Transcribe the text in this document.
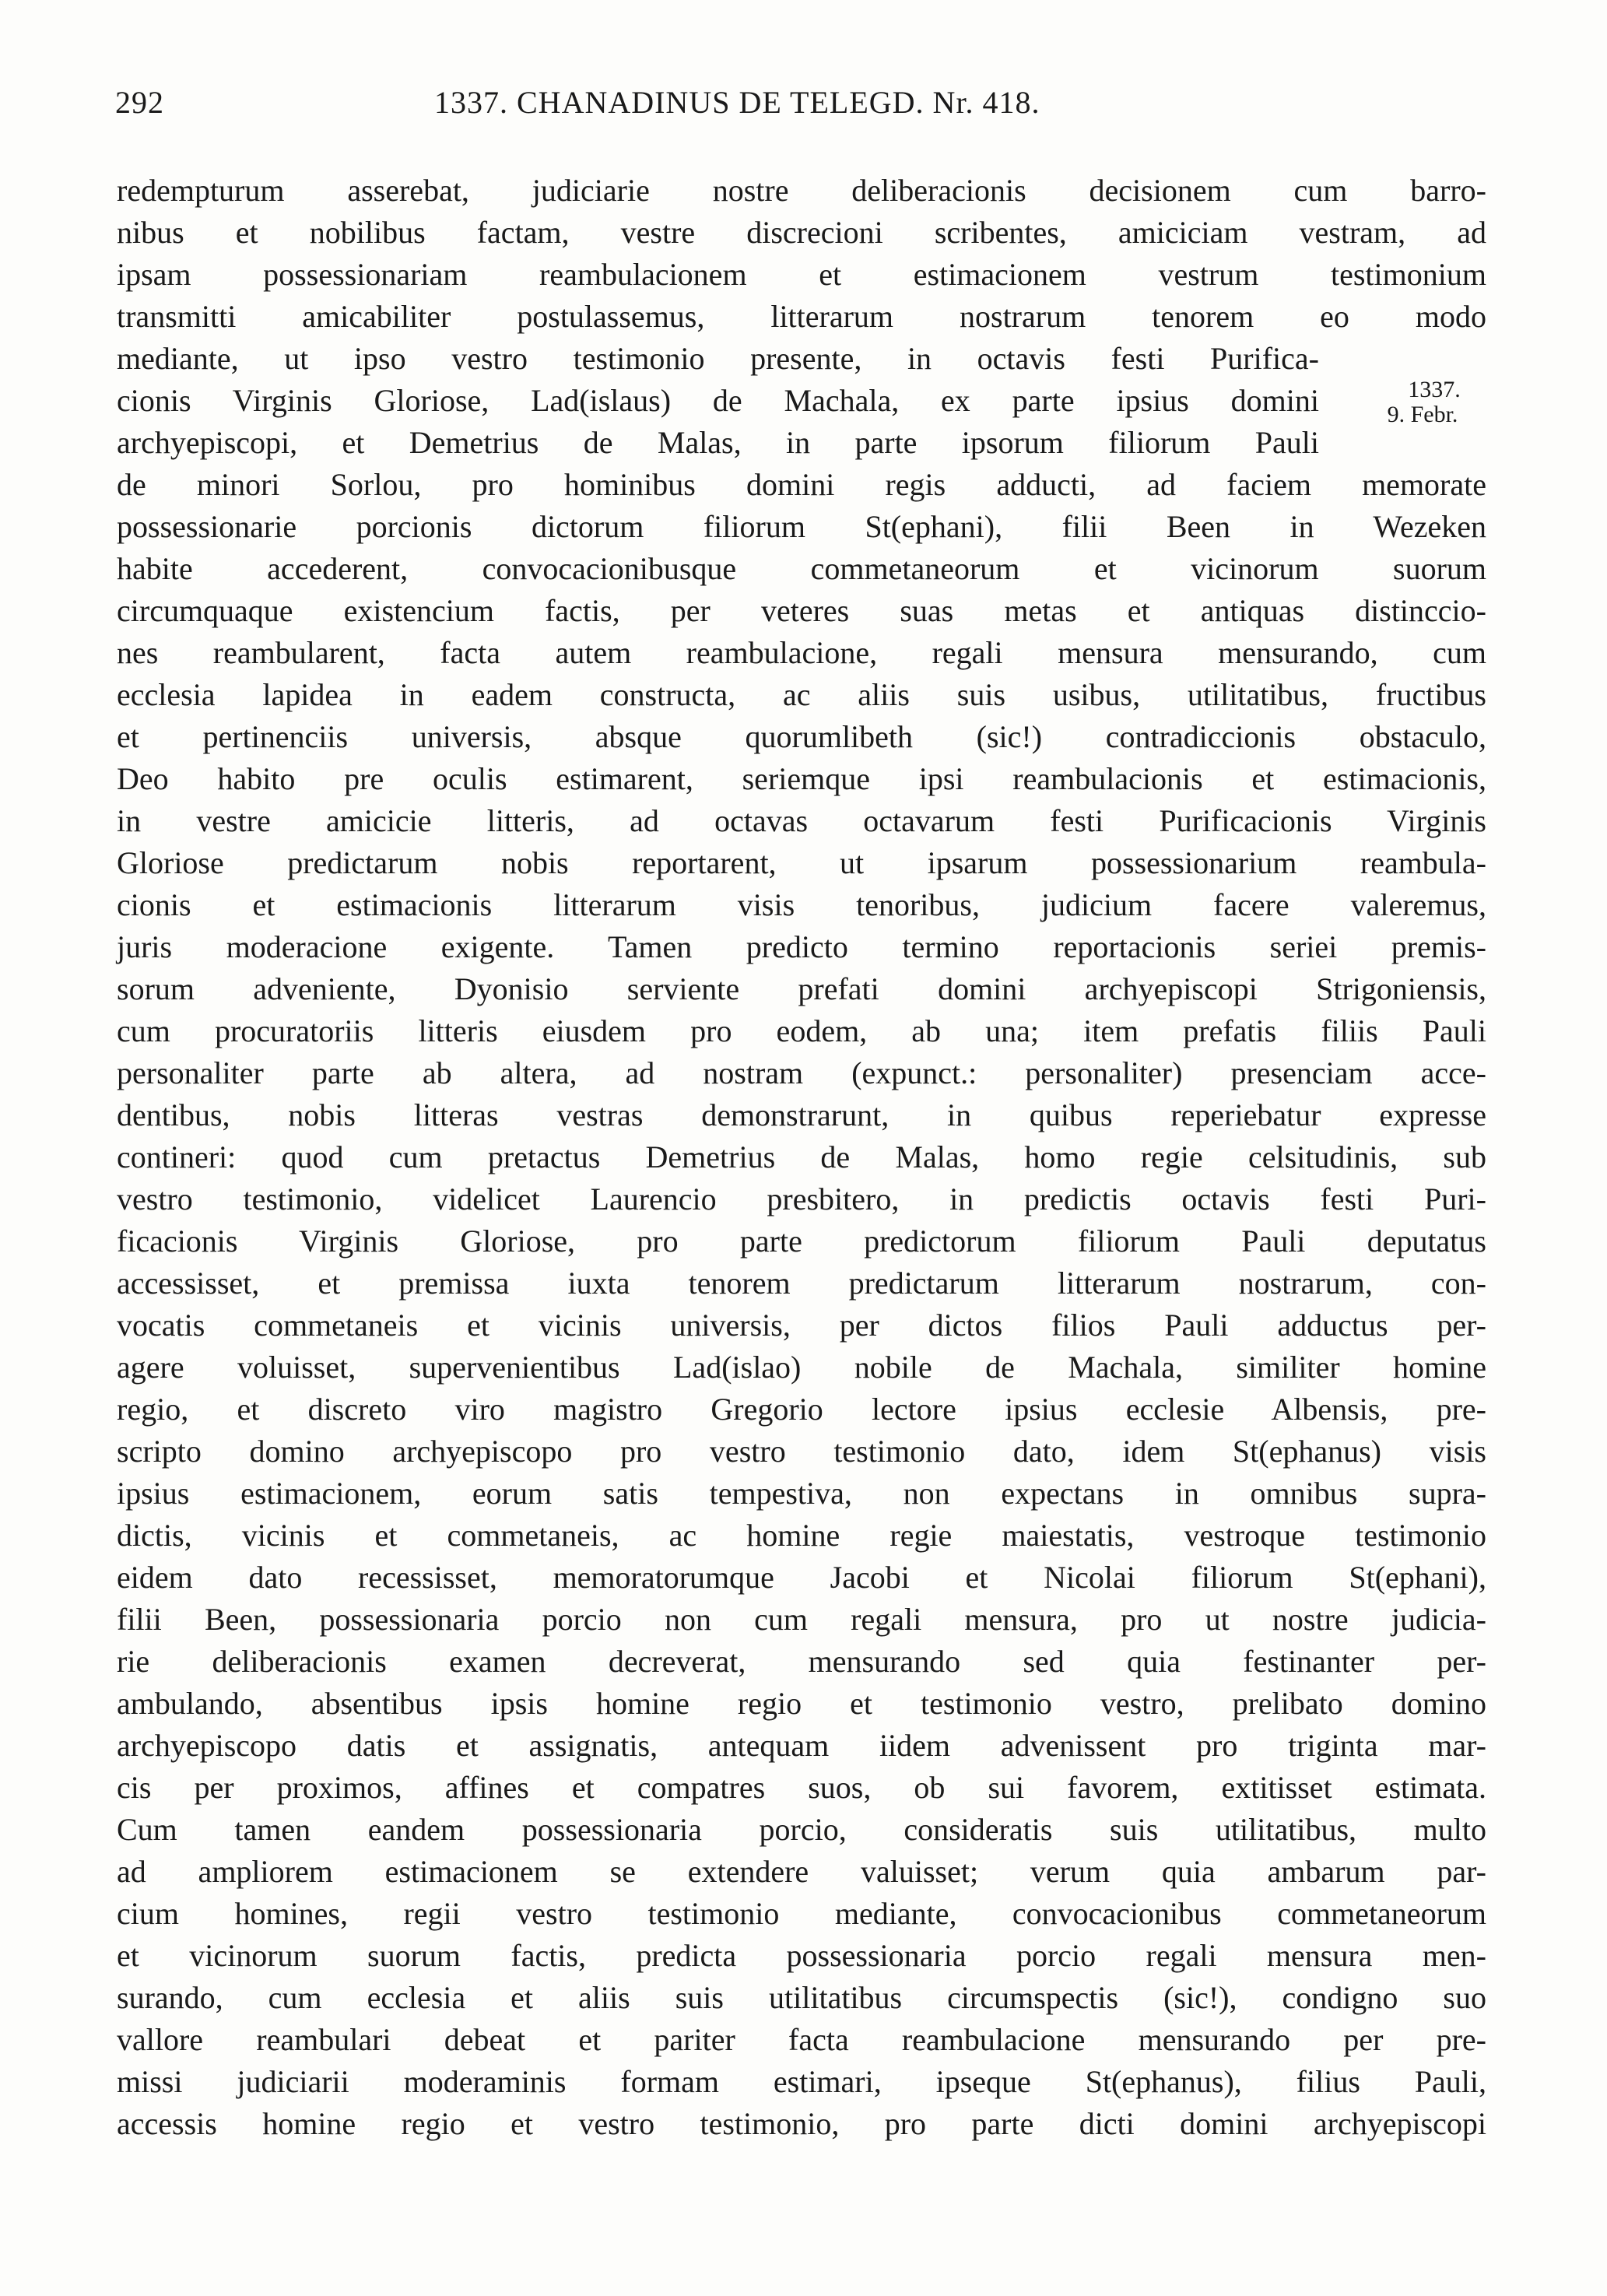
292	1337. CHANADINUS DE TELEGD. Nr. 418.
1337.
9. Febr.
redempturum asserebat, judiciarie nostre deliberacionis decisionem cum barro-
nibus et nobilibus factam, vestre discrecioni scribentes, amiciciam vestram, ad
ipsam possessionariam reambulacionem et estimacionem vestrum testimonium
transmitti amicabiliter postulassemus, litterarum nostrarum tenorem eo modo
mediante, ut ipso vestro testimonio presente, in octavis festi Purifica-
cionis Virginis Gloriose, Lad(islaus) de Machala, ex parte ipsius domini
archyepiscopi, et Demetrius de Malas, in parte ipsorum filiorum Pauli
de minori Sorlou, pro hominibus domini regis adducti, ad faciem memorate
possessionarie porcionis dictorum filiorum St(ephani), filii Been in Wezeken
habite accederent, convocacionibusque commetaneorum et vicinorum suorum
circumquaque existencium factis, per veteres suas metas et antiquas distinccio-
nes reambularent, facta autem reambulacione, regali mensura mensurando, cum
ecclesia lapidea in eadem constructa, ac aliis suis usibus, utilitatibus, fructibus
et pertinenciis universis, absque quorumlibeth (sic!) contradiccionis obstaculo,
Deo habito pre oculis estimarent, seriemque ipsi reambulacionis et estimacionis,
in vestre amicicie litteris, ad octavas octavarum festi Purificacionis Virginis
Gloriose predictarum nobis reportarent, ut ipsarum possessionarium reambula-
cionis et estimacionis litterarum visis tenoribus, judicium facere valeremus,
juris moderacione exigente. Tamen predicto termino reportacionis seriei premis-
sorum adveniente, Dyonisio serviente prefati domini archyepiscopi Strigoniensis,
cum procuratoriis litteris eiusdem pro eodem, ab una; item prefatis filiis Pauli
personaliter parte ab altera, ad nostram (expunct.: personaliter) presenciam acce-
dentibus, nobis litteras vestras demonstrarunt, in quibus reperiebatur expresse
contineri: quod cum pretactus Demetrius de Malas, homo regie celsitudinis, sub
vestro testimonio, videlicet Laurencio presbitero, in predictis octavis festi Puri-
ficacionis Virginis Gloriose, pro parte predictorum filiorum Pauli deputatus
accessisset, et premissa iuxta tenorem predictarum litterarum nostrarum, con-
vocatis commetaneis et vicinis universis, per dictos filios Pauli adductus per-
agere voluisset, supervenientibus Lad(islao) nobile de Machala, similiter homine
regio, et discreto viro magistro Gregorio lectore ipsius ecclesie Albensis, pre-
scripto domino archyepiscopo pro vestro testimonio dato, idem St(ephanus) visis
ipsius estimacionem, eorum satis tempestiva, non expectans in omnibus supra-
dictis, vicinis et commetaneis, ac homine regie maiestatis, vestroque testimonio
eidem dato recessisset, memoratorumque Jacobi et Nicolai filiorum St(ephani),
filii Been, possessionaria porcio non cum regali mensura, pro ut nostre judicia-
rie deliberacionis examen decreverat, mensurando sed quia festinanter per-
ambulando, absentibus ipsis homine regio et testimonio vestro, prelibato domino
archyepiscopo datis et assignatis, antequam iidem advenissent pro triginta mar-
cis per proximos, affines et compatres suos, ob sui favorem, extitisset estimata.
Cum tamen eandem possessionaria porcio, consideratis suis utilitatibus, multo
ad ampliorem estimacionem se extendere valuisset; verum quia ambarum par-
cium homines, regii vestro testimonio mediante, convocacionibus commetaneorum
et vicinorum suorum factis, predicta possessionaria porcio regali mensura men-
surando, cum ecclesia et aliis suis utilitatibus circumspectis (sic!), condigno suo
vallore reambulari debeat et pariter facta reambulacione mensurando per pre-
missi judiciarii moderaminis formam estimari, ipseque St(ephanus), filius Pauli,
accessis homine regio et vestro testimonio, pro parte dicti domini archyepiscopi
